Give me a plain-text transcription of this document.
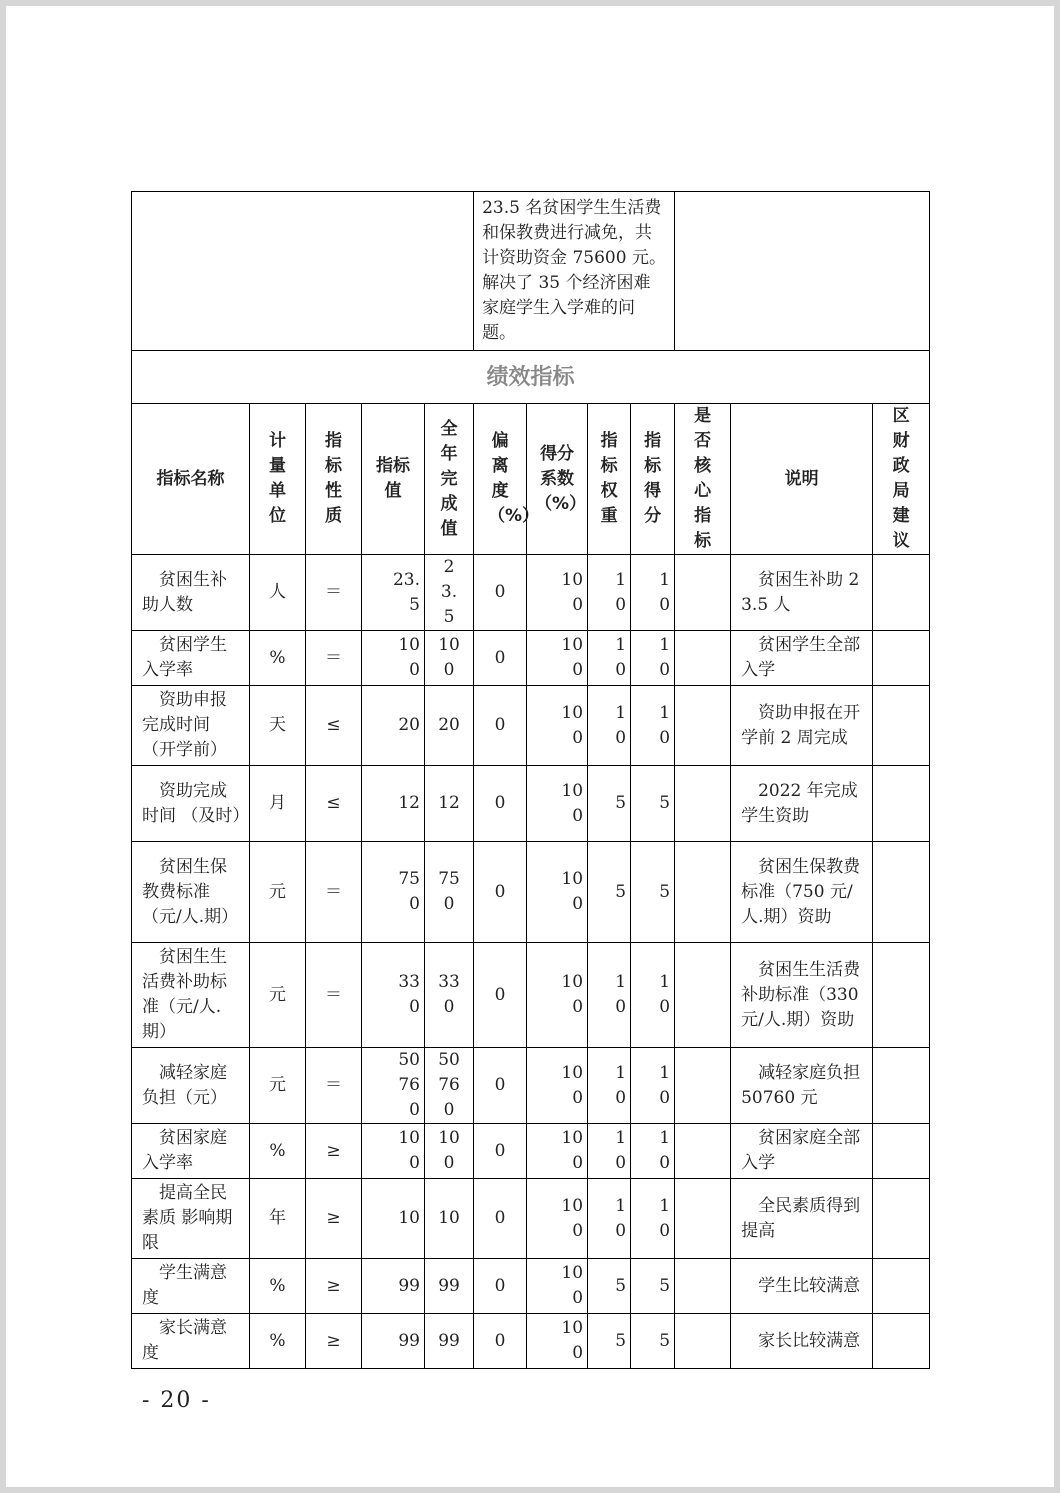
					23.5 名贫困学生生活费和保教费进行减免，共计资助资金 75600 元。解决了 35 个经济困难家庭学生入学难的问题。						
绩效指标											
指标名称	计量单位	指标性质	指标值	全年完成值	偏离度（%）	得分系数（%）	指标权重	指标得分	是否核心指标	说明	区财政局建议
贫困生补助人数	人	＝	23.5	23.5	0	100	10	10		贫困生补助 23.5 人	
贫困学生入学率	%	＝	100	100	0	100	10	10		贫困学生全部入学	
资助申报完成时间（开学前）	天	≤	20	20	0	100	10	10		资助申报在开学前 2 周完成	
资助完成时间 （及时）	月	≤	12	12	0	100	5	5		2022 年完成学生资助	
贫困生保教费标准（元/人.期）	元	＝	750	750	0	100	5	5		贫困生保教费标准（750 元/人.期）资助	
贫困生生活费补助标准（元/人.期）	元	＝	330	330	0	100	10	10		贫困生生活费补助标准（330 元/人.期）资助	
减轻家庭负担（元）	元	＝	50760	50760	0	100	10	10		减轻家庭负担 50760 元	
贫困家庭入学率	%	≥	100	100	0	100	10	10		贫困家庭全部入学	
提高全民素质 影响期限	年	≥	10	10	0	100	10	10		全民素质得到提高	
学生满意度	%	≥	99	99	0	100	5	5		学生比较满意	
家长满意度	%	≥	99	99	0	100	5	5		家长比较满意	
- 20 -
